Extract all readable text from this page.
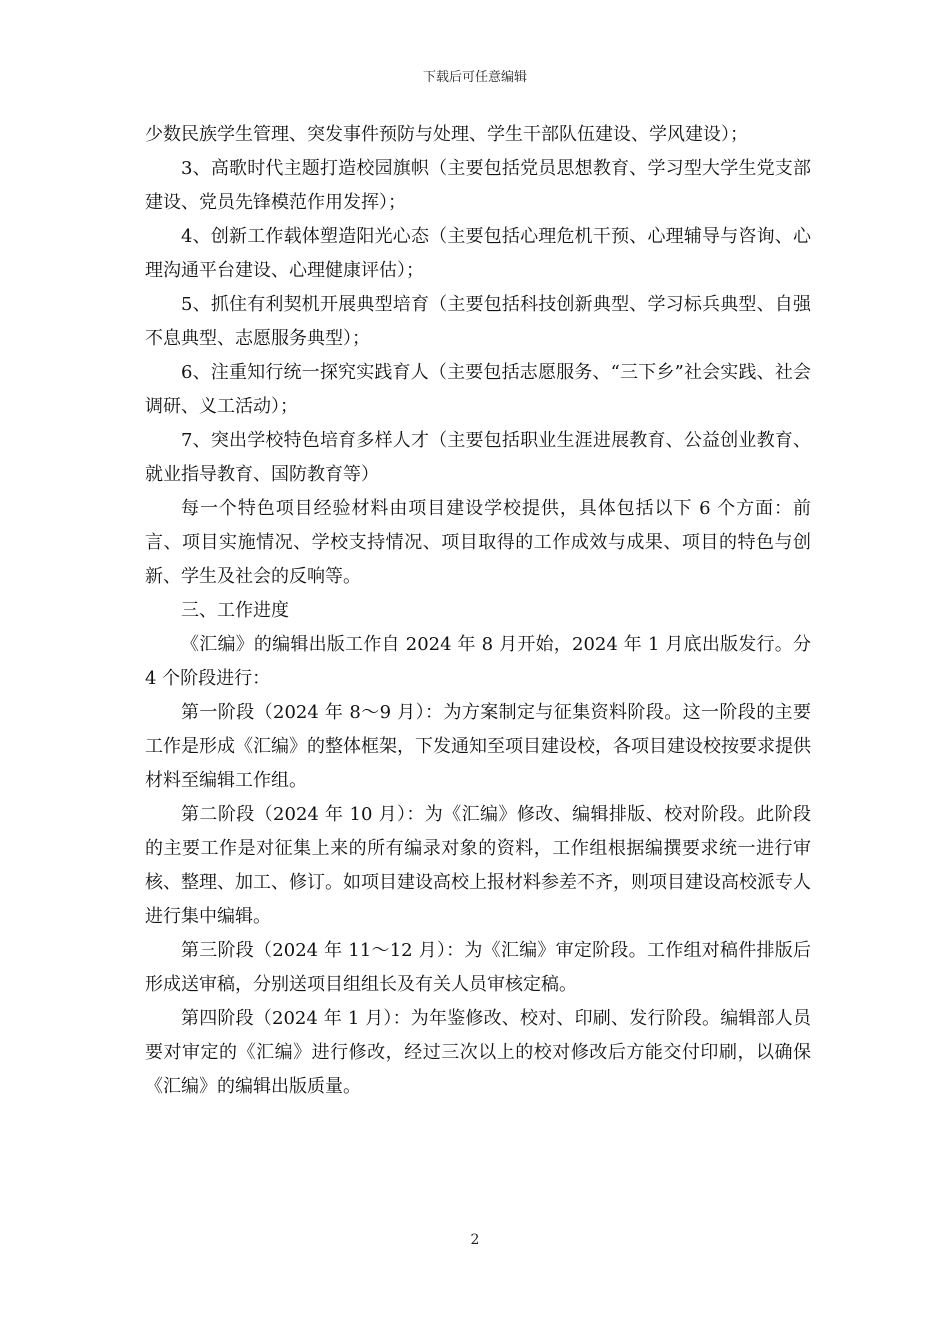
下载后可任意编辑

少数民族学生管理、突发事件预防与处理、学生干部队伍建设、学风建设）；

3、高歌时代主题打造校园旗帜（主要包括党员思想教育、学习型大学生党支部建设、党员先锋模范作用发挥）；

4、创新工作载体塑造阳光心态（主要包括心理危机干预、心理辅导与咨询、心理沟通平台建设、心理健康评估）；

5、抓住有利契机开展典型培育（主要包括科技创新典型、学习标兵典型、自强不息典型、志愿服务典型）；

6、注重知行统一探究实践育人（主要包括志愿服务、“三下乡”社会实践、社会调研、义工活动）；

7、突出学校特色培育多样人才（主要包括职业生涯进展教育、公益创业教育、就业指导教育、国防教育等）

每一个特色项目经验材料由项目建设学校提供，具体包括以下 6 个方面：前言、项目实施情况、学校支持情况、项目取得的工作成效与成果、项目的特色与创新、学生及社会的反响等。

三、工作进度

《汇编》的编辑出版工作自 2024 年 8 月开始，2024 年 1 月底出版发行。分 4 个阶段进行：

第一阶段（2024 年 8～9 月）：为方案制定与征集资料阶段。这一阶段的主要工作是形成《汇编》的整体框架，下发通知至项目建设校，各项目建设校按要求提供材料至编辑工作组。

第二阶段（2024 年 10 月）：为《汇编》修改、编辑排版、校对阶段。此阶段的主要工作是对征集上来的所有编录对象的资料，工作组根据编撰要求统一进行审核、整理、加工、修订。如项目建设高校上报材料参差不齐，则项目建设高校派专人进行集中编辑。

第三阶段（2024 年 11～12 月）：为《汇编》审定阶段。工作组对稿件排版后形成送审稿，分别送项目组组长及有关人员审核定稿。

第四阶段（2024 年 1 月）：为年鉴修改、校对、印刷、发行阶段。编辑部人员要对审定的《汇编》进行修改，经过三次以上的校对修改后方能交付印刷，以确保《汇编》的编辑出版质量。

2
